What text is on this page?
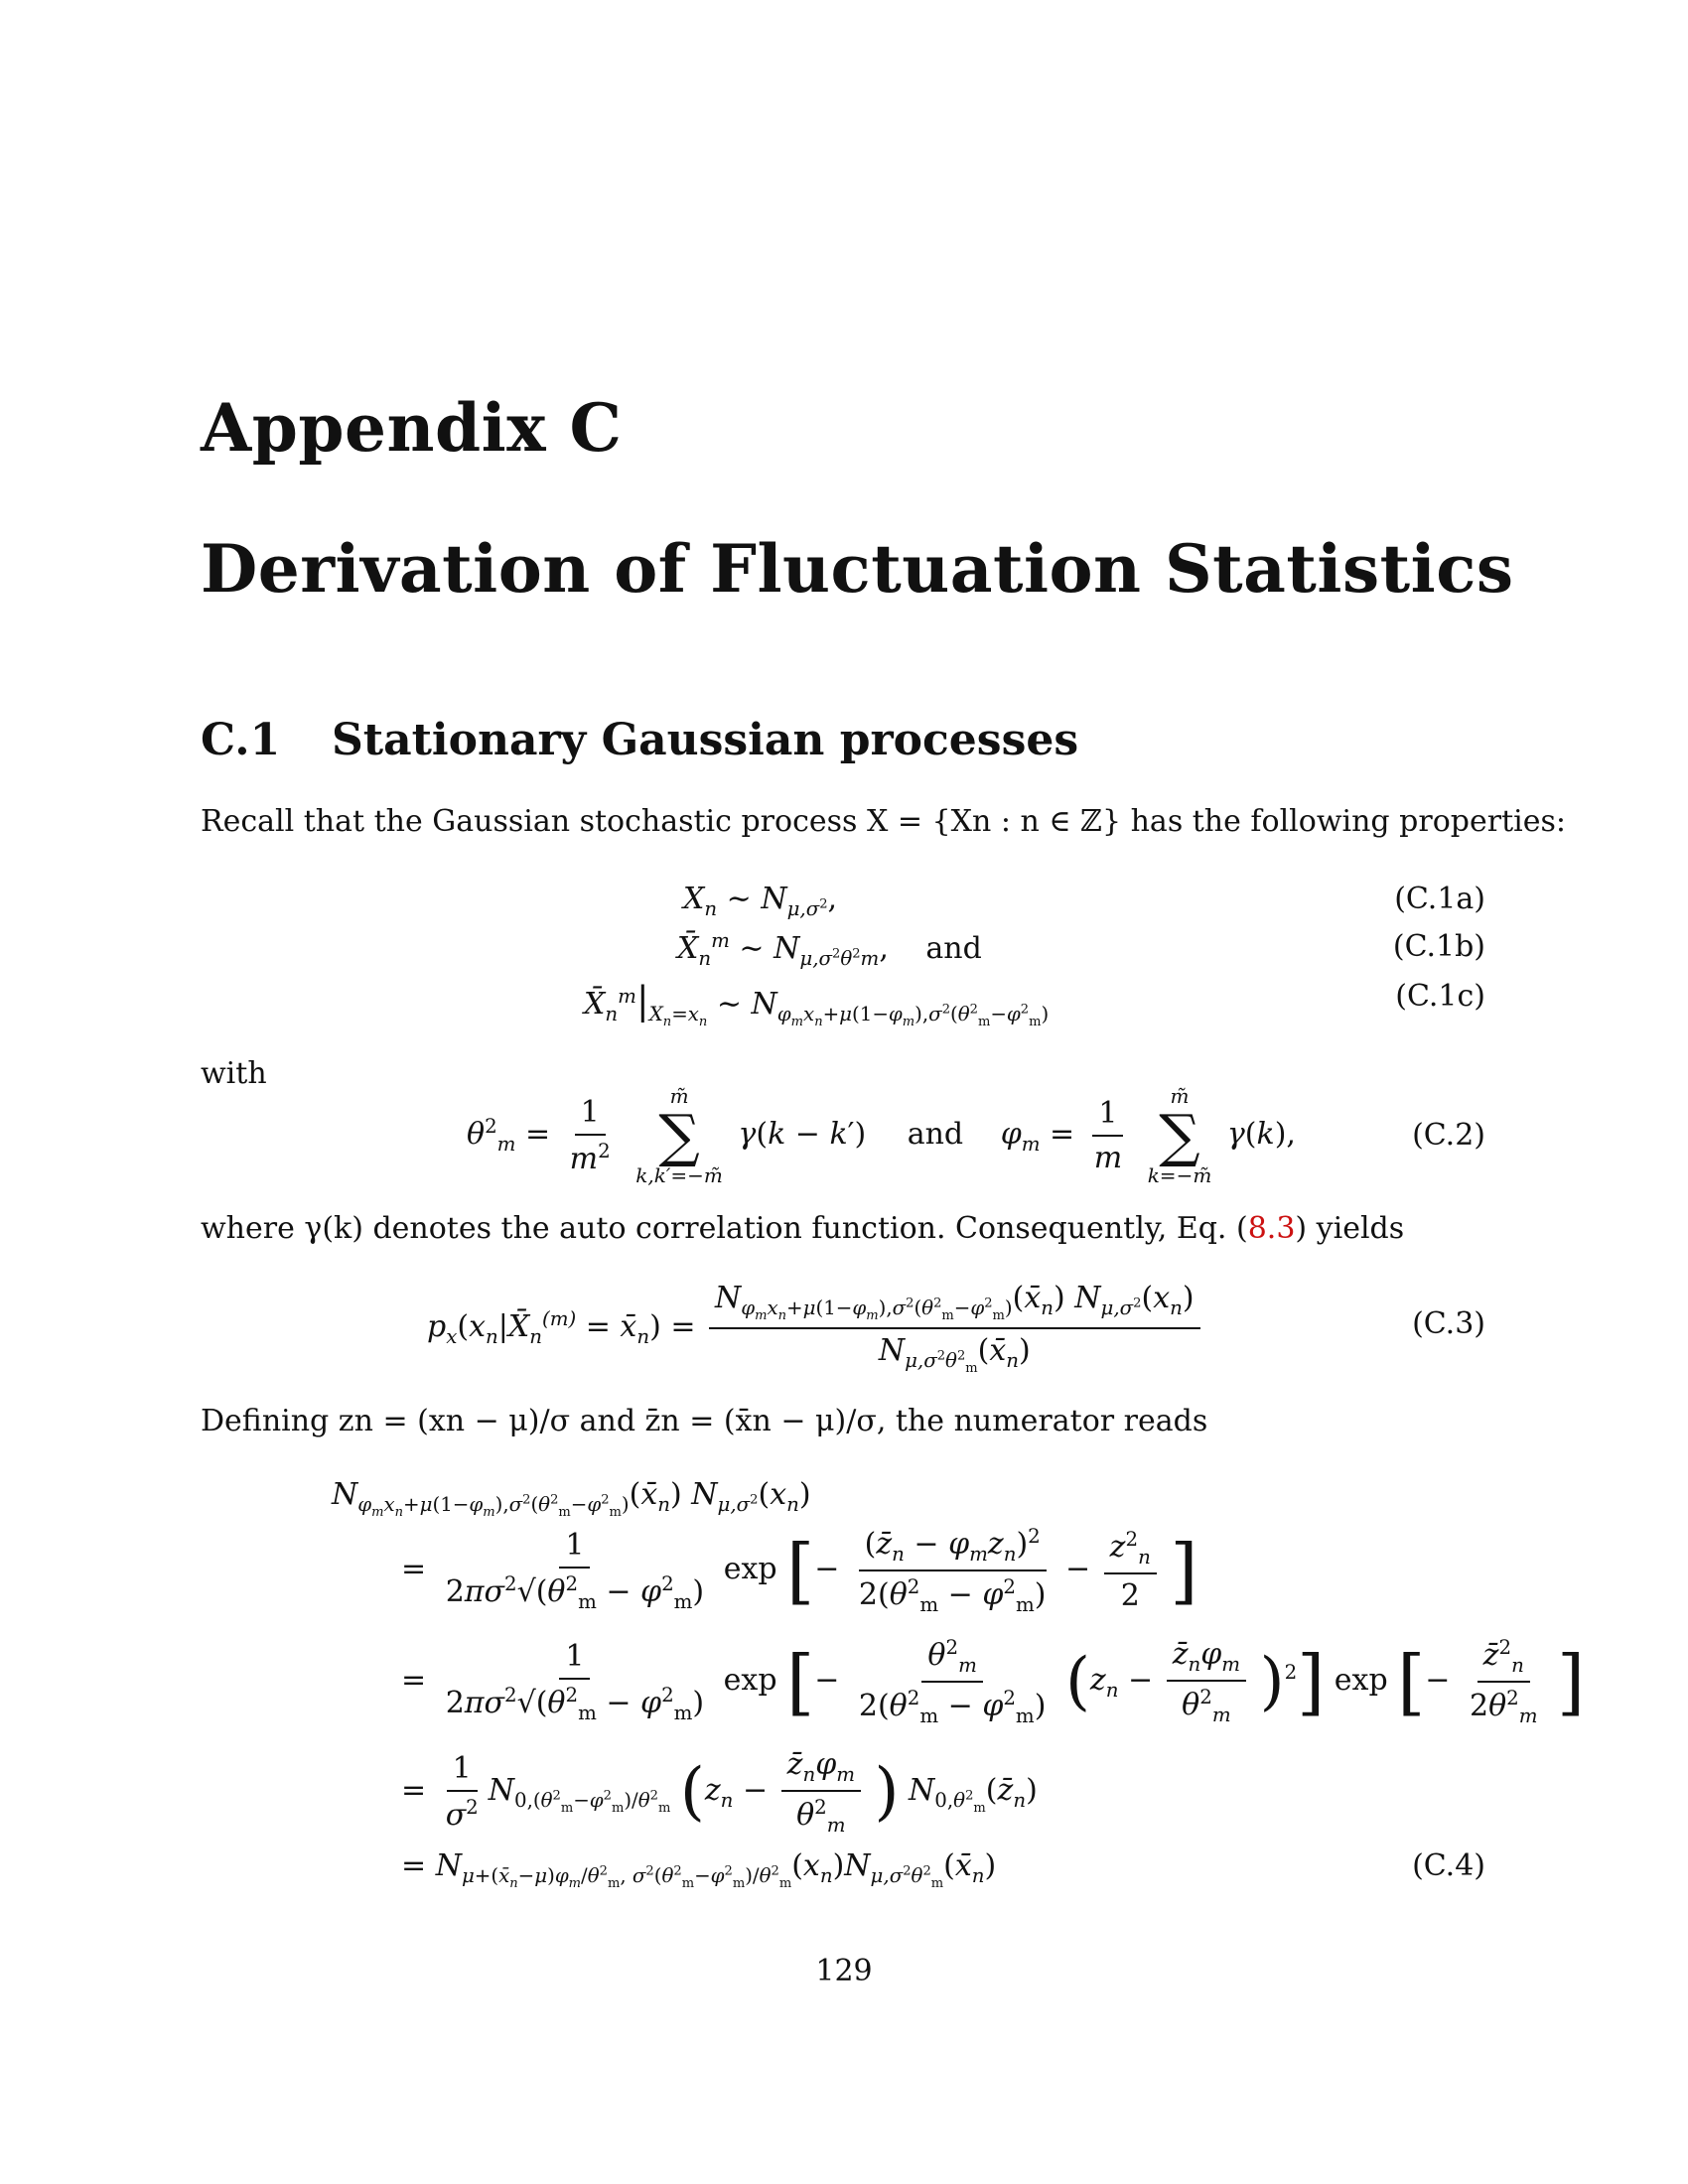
Appendix C
Derivation of Fluctuation Statistics
C.1 Stationary Gaussian processes
Recall that the Gaussian stochastic process X = {Xn : n ∈ ℤ} has the following properties:
$X_n$ ∼ $N_{\mu,\sigma^2}$,	(C.1a)
$X̄_n^m$ ∼ $N_{\mu,\sigma^2\theta^2m}$, and	(C.1b)
$X̄_n^m|_{X_n=x_n}$ ∼ $N_{\varphi_mx_n+\mu(1-\varphi_m),\sigma^2(\theta^2_m-\varphi^2_m)}$
(C.1c)
with
$\theta^2_m = \frac{1}{m^2}$
	m̃
∑
k,k′=−m̃
γ(k − k′) and $\varphi_m = \frac{1}{m}$
m̃
∑
k=−m̃
γ(k),	(C.2)
where γ(k) denotes the auto correlation function. Consequently, Eq. (8.3) yields
$p_x(x_n|X̄_n^{(m)}$ = $x̄_n) = \frac{N_{\varphi_mx_n+\mu(1-\varphi_m),\sigma^2(\theta^2_m-\varphi^2_m)}(x̄_n) N_{\mu,\sigma^2}(x_n)}{N_{\mu,\sigma^2\theta^2_m}(x̄_n)}$	(C.3)
Defining zn = (xn − μ)/σ and z̄n = (x̄n − μ)/σ, the numerator reads
$N_{\varphi_mx_n+\mu(1-\varphi_m),\sigma^2(\theta^2_m-\varphi^2_m)}(x̄_n)$ $N_{\mu,\sigma^2}(x_n)$
= $\frac{1}{2\pi\sigma^2√(\theta^2_m - \varphi^2_m)}$ exp [− $\frac{(z̄_n - \varphi_mz_n)^2}{2(\theta^2_m - \varphi^2_m)} - \frac{z^2_n}{2}$ ]
= $\frac{1}{2\pi\sigma^2√(\theta^2_m - \varphi^2_m)}$ exp [− $\frac{\theta^2_m}{2(\theta^2_m - \varphi^2_m)} (z_n - \frac{z̄_n\varphi_m}{\theta^2_m} )^2$] exp [− $\frac{z̄^2_n}{2\theta^2_m}$ ]
= $\frac{1}{\sigma^2} N_{0,(\theta^2_m-\varphi^2_m)/\theta^2_m}$ ($z_n - \frac{z̄_n\varphi_m}{\theta^2_m}$ ) $N_{0,\theta^2_m}(z̄_n)$
= $N_{\mu+(x̄_n-\mu)\varphi_m/\theta^2_m, \sigma^2(\theta^2_m-\varphi^2_m)/\theta^2_m}(x_n)N_{\mu,\sigma^2\theta^2_m}(x̄_n)$	(C.4)
129
